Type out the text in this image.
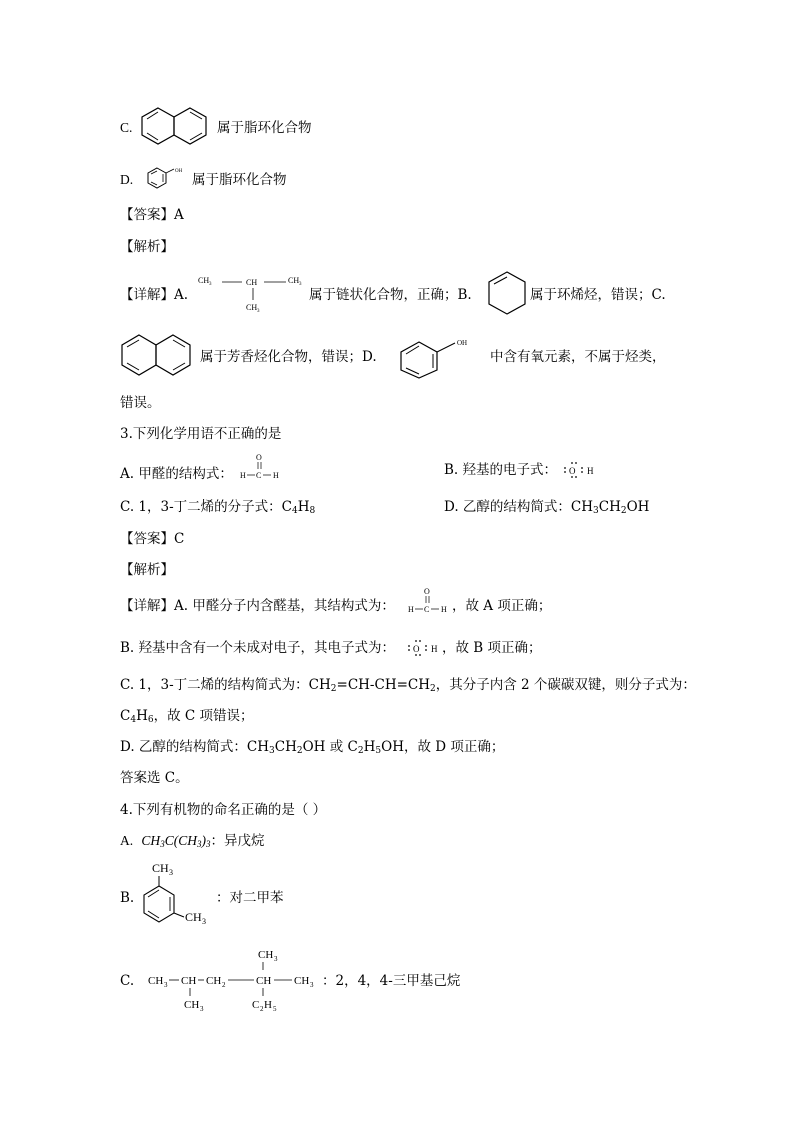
C.	属于脂环化合物
D.
OH
属于脂环化合物
【答案】A
【解析】
【详解】A.
CH 3	CH	CH 3
CH 3
属于链状化合物，正确；B.	属于环烯烃，错误；C.
属于芳香烃化合物，错误；D.
OH
中含有氧元素，不属于烃类，
错误。
3.下列化学用语不正确的是
A. 甲醛的结构式：
O
H C H	B. 羟基的电子式： O H
C. 1，3-丁二烯的分子式：$C_4H_8$	D. 乙醇的结构简式：$CH_3CH_2OH$
【答案】C
【解析】
【详解】A. 甲醛分子内含醛基，其结构式为：
O
H C H ，故 A 项正确；
B. 羟基中含有一个未成对电子，其电子式为： O H ，故 B 项正确；
C. 1，3-丁二烯的结构简式为：$CH_2=CH-CH=CH_2$，其分子内含 2 个碳碳双键，则分子式为：
$C_4H_6$，故 C 项错误；
D. 乙醇的结构简式：$CH_3CH_2OH$ 或 $C_2H_5OH$，故 D 项正确；
答案选 C。
4.下列有机物的命名正确的是（ ）
A. $CH_3C(CH_3)_3$：异戊烷
B.
CH 3
CH 3
：对二甲苯
C.
CH 3
CH 3 CH CH 2	CH CH 3
CH 3	C 2 H 5
：2，4，4-三甲基己烷
